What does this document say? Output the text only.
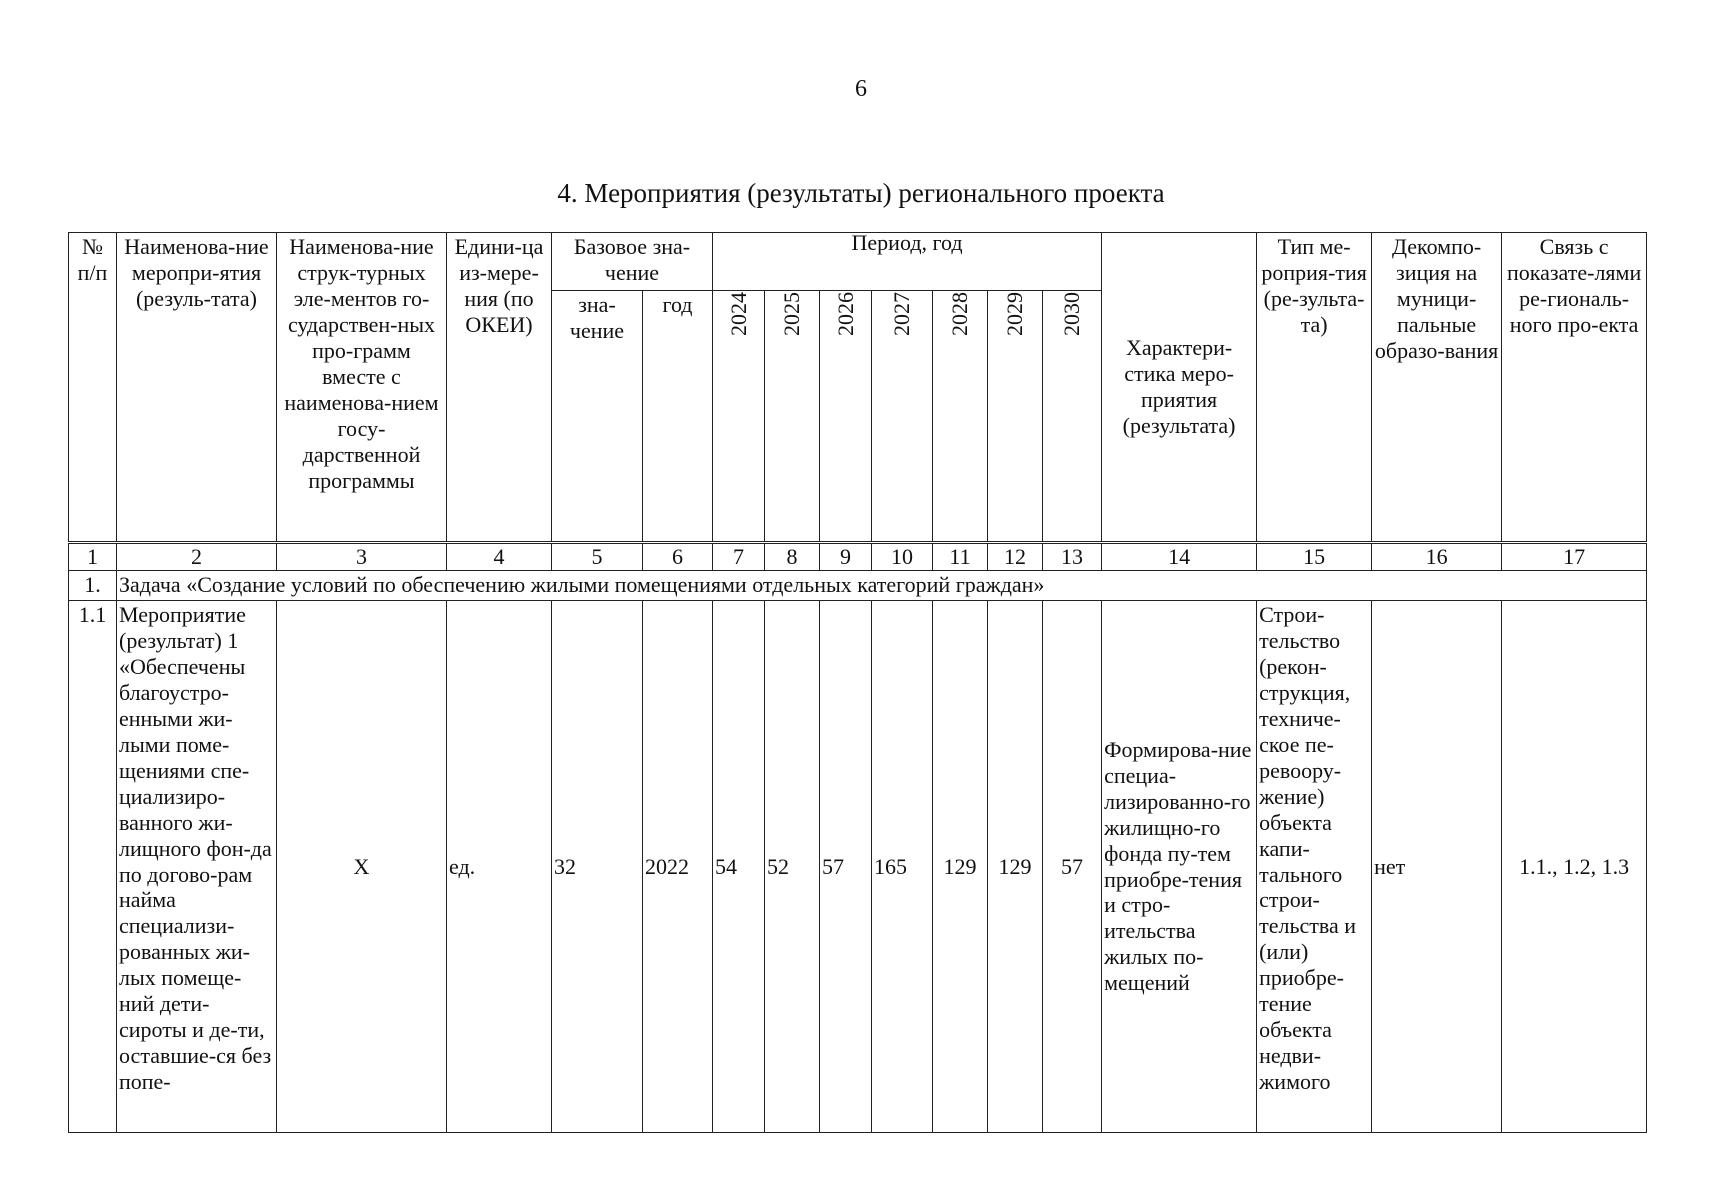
6
4. Мероприятия (результаты) регионального проекта
№ п/п	Наименова-ние меропри-ятия (резуль-тата)	Наименова-ние струк-турных эле-ментов го-сударствен-ных про-грамм вместе с наименова-нием госу-дарственной программы	Едини-ца из-мере-ния (по ОКЕИ)	Базовое зна-чение		Период, год							Характери-стика меро-приятия (результата)	Тип ме-роприя-тия (ре-зульта-та)	Декомпо-зиция на муници-пальные образо-вания	Связь с показате-лями ре-гиональ-ного про-екта
				зна-чение	год	2024	2025	2026	2027	2028	2029	2030				

1	2	3	4	5	6	7	8	9	10	11	12	13	14	15	16	17
1.	Задача «Создание условий по обеспечению жилыми помещениями отдельных категорий граждан»															
1.1	Мероприятие (результат) 1 «Обеспечены благоустро-енными жи-лыми поме-щениями спе-циализиро-ванного жи-лищного фон-да по догово-рам найма специализи-рованных жи-лых помеще-ний дети-сироты и де-ти, оставшие-ся без попе-	X	ед.	32	2022	54	52	57	165	129	129	57	Формирова-ние специа-лизированно-го жилищно-го фонда пу-тем приобре-тения и стро-ительства жилых по-мещений	Строи-тельство (рекон-струкция, техниче-ское пе-ревоору-жение) объекта капи-тального строи-тельства и (или) приобре-тение объекта недви-жимого	нет	1.1., 1.2, 1.3
